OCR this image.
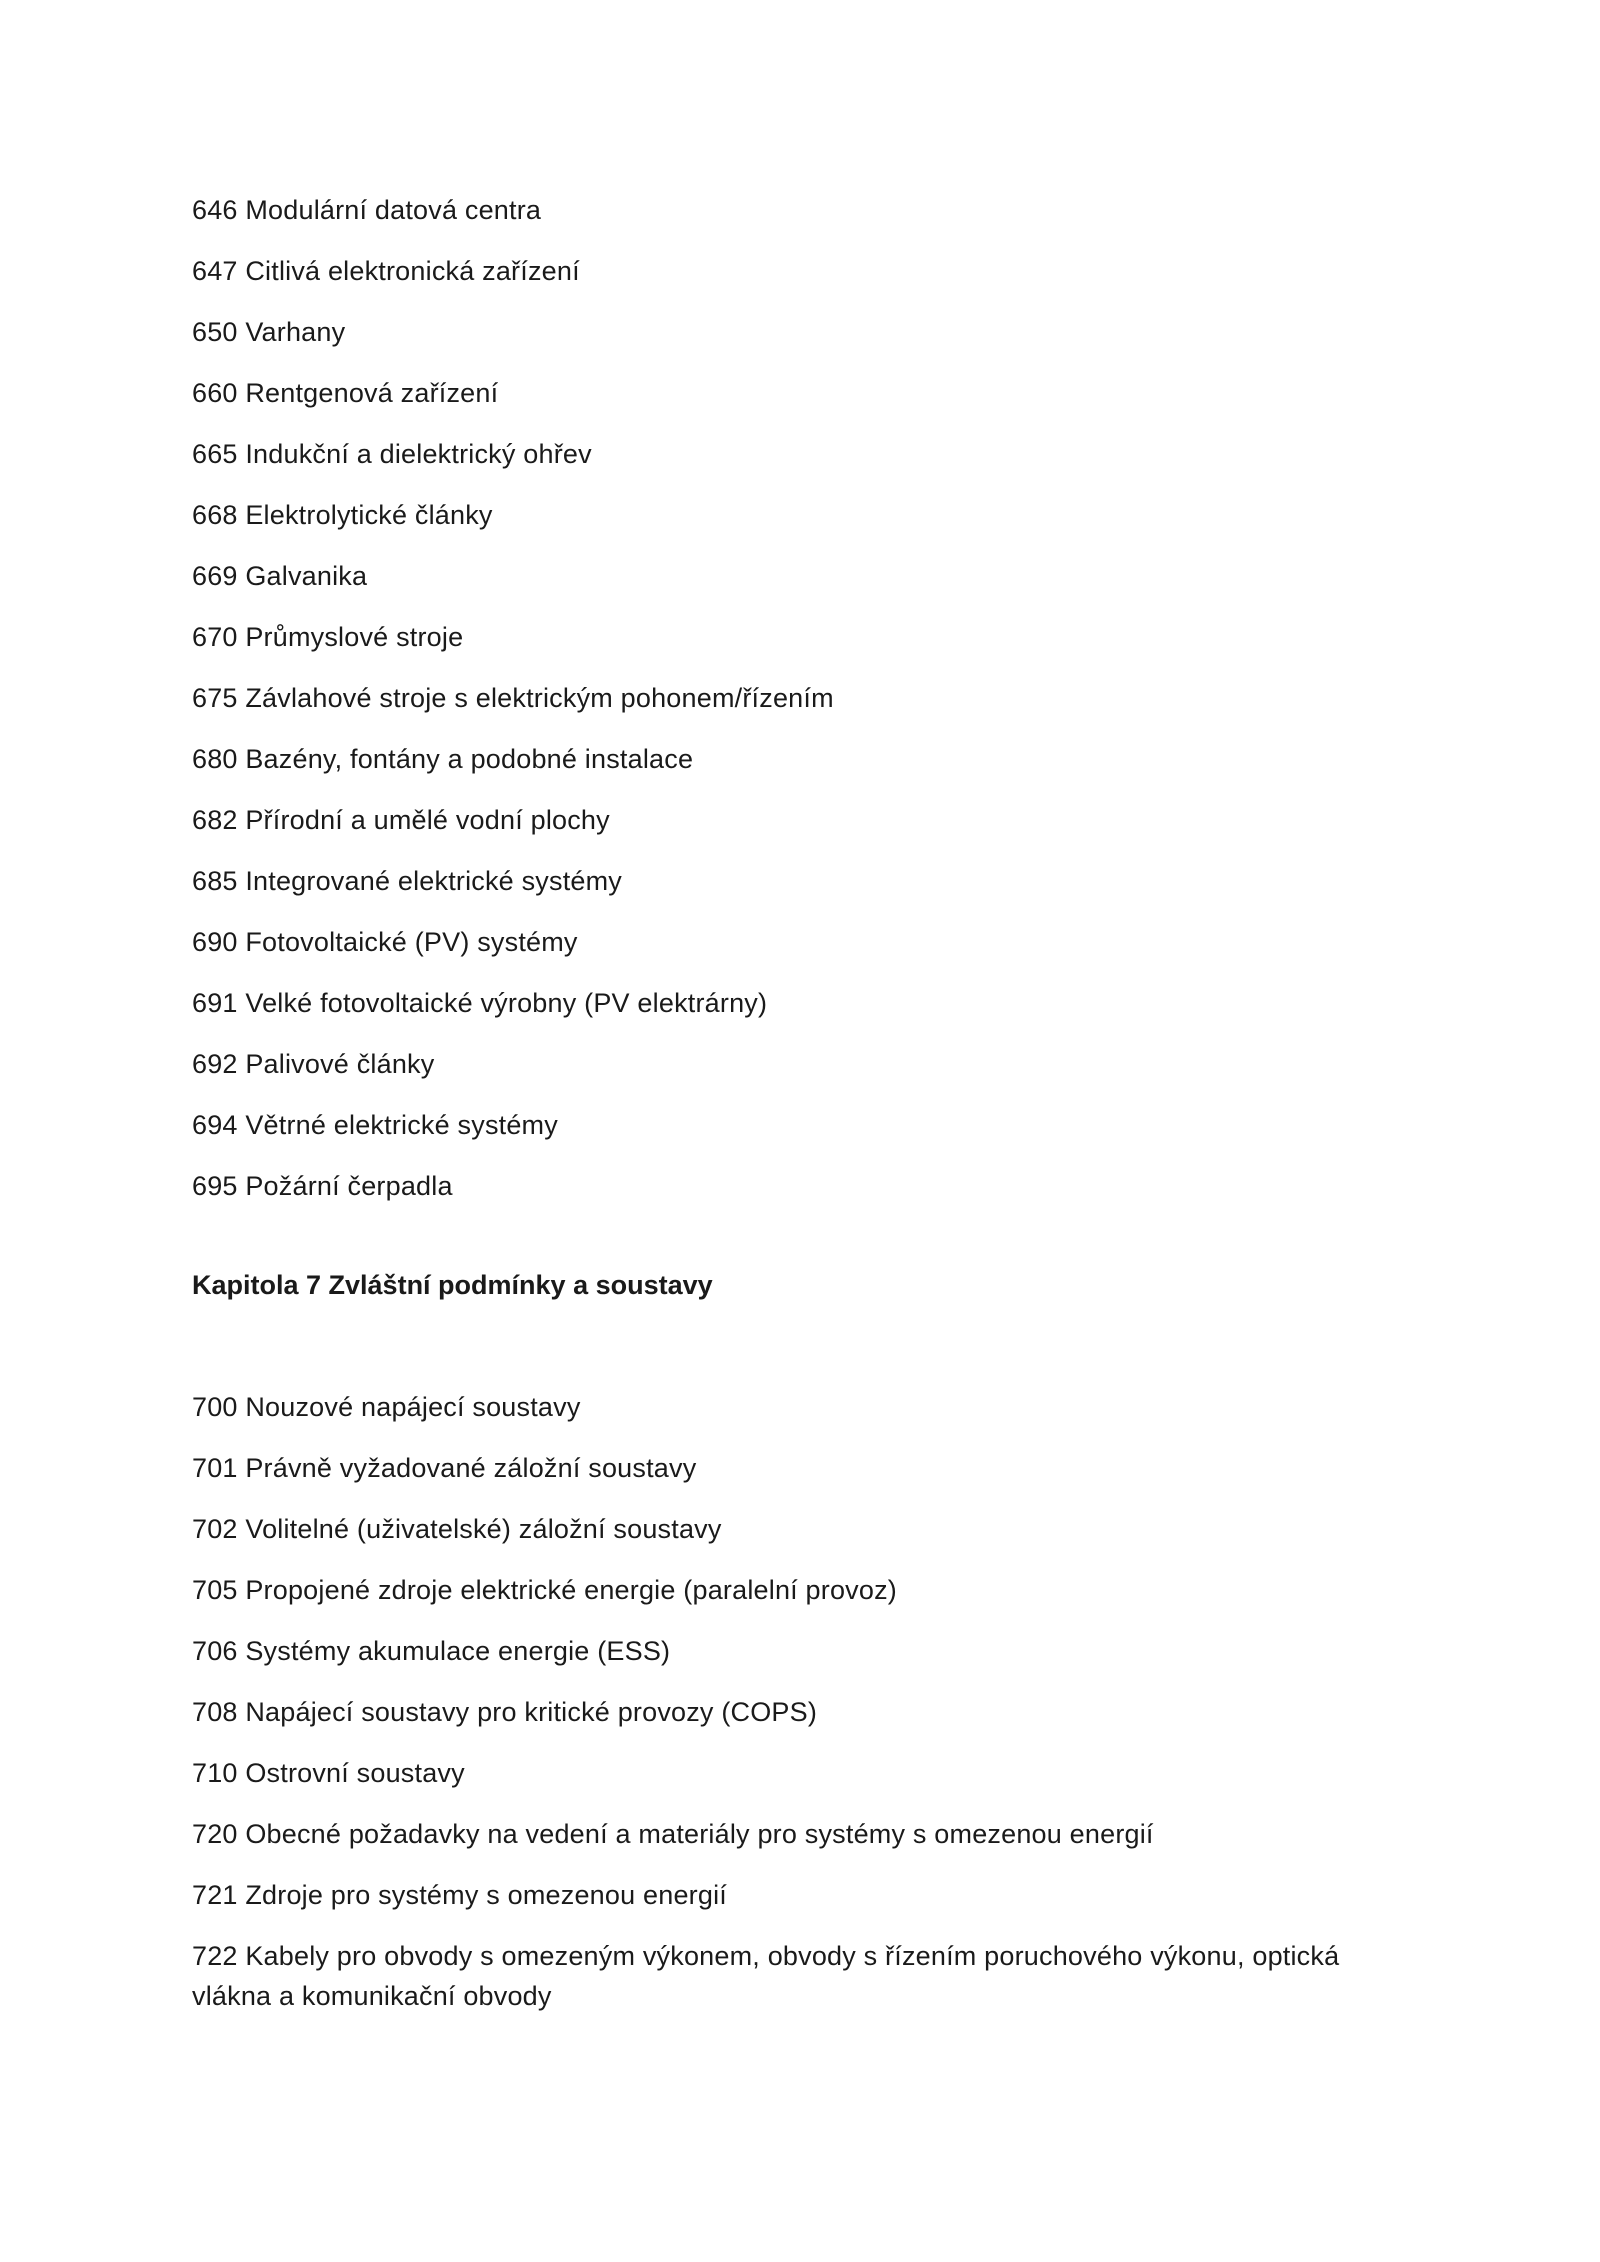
646 Modulární datová centra

647 Citlivá elektronická zařízení

650 Varhany

660 Rentgenová zařízení

665 Indukční a dielektrický ohřev

668 Elektrolytické články

669 Galvanika

670 Průmyslové stroje

675 Závlahové stroje s elektrickým pohonem/řízením

680 Bazény, fontány a podobné instalace

682 Přírodní a umělé vodní plochy

685 Integrované elektrické systémy

690 Fotovoltaické (PV) systémy

691 Velké fotovoltaické výrobny (PV elektrárny)

692 Palivové články

694 Větrné elektrické systémy

695 Požární čerpadla

Kapitola 7 Zvláštní podmínky a soustavy

700 Nouzové napájecí soustavy

701 Právně vyžadované záložní soustavy

702 Volitelné (uživatelské) záložní soustavy

705 Propojené zdroje elektrické energie (paralelní provoz)

706 Systémy akumulace energie (ESS)

708 Napájecí soustavy pro kritické provozy (COPS)

710 Ostrovní soustavy

720 Obecné požadavky na vedení a materiály pro systémy s omezenou energií

721 Zdroje pro systémy s omezenou energií

722 Kabely pro obvody s omezeným výkonem, obvody s řízením poruchového výkonu, optická vlákna a komunikační obvody
